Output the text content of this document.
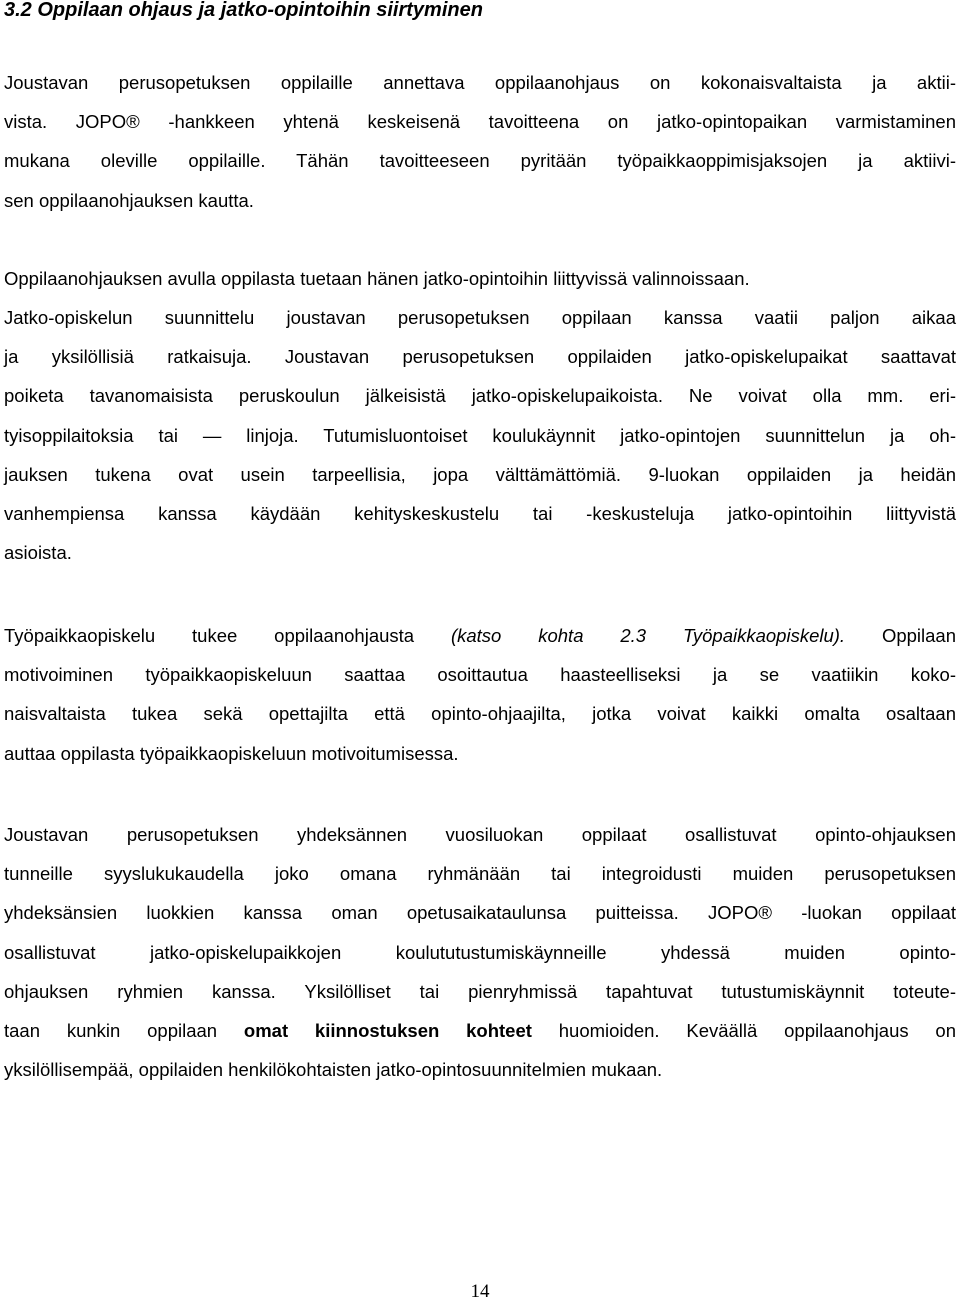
3.2 Oppilaan ohjaus ja jatko-opintoihin siirtyminen
Joustavan perusopetuksen oppilaille annettava oppilaanohjaus on kokonaisvaltaista ja aktii-
vista. JOPO® -hankkeen yhtenä keskeisenä tavoitteena on jatko-opintopaikan varmistaminen
mukana oleville oppilaille. Tähän tavoitteeseen pyritään työpaikkaoppimisjaksojen ja aktiivi-
sen oppilaanohjauksen kautta.
Oppilaanohjauksen avulla oppilasta tuetaan hänen jatko-opintoihin liittyvissä valinnoissaan.
Jatko-opiskelun suunnittelu joustavan perusopetuksen oppilaan kanssa vaatii paljon aikaa
ja yksilöllisiä ratkaisuja. Joustavan perusopetuksen oppilaiden jatko-opiskelupaikat saattavat
poiketa tavanomaisista peruskoulun jälkeisistä jatko-opiskelupaikoista. Ne voivat olla mm. eri-
tyisoppilaitoksia tai — linjoja. Tutumisluontoiset koulukäynnit jatko-opintojen suunnittelun ja oh-
jauksen tukena ovat usein tarpeellisia, jopa välttämättömiä. 9-luokan oppilaiden ja heidän
vanhempiensa kanssa käydään kehityskeskustelu tai -keskusteluja jatko-opintoihin liittyvistä
asioista.
Työpaikkaopiskelu tukee oppilaanohjausta (katso kohta 2.3 Työpaikkaopiskelu). Oppilaan
motivoiminen työpaikkaopiskeluun saattaa osoittautua haasteelliseksi ja se vaatiikin koko-
naisvaltaista tukea sekä opettajilta että opinto-ohjaajilta, jotka voivat kaikki omalta osaltaan
auttaa oppilasta työpaikkaopiskeluun motivoitumisessa.
Joustavan perusopetuksen yhdeksännen vuosiluokan oppilaat osallistuvat opinto-ohjauksen
tunneille syyslukukaudella joko omana ryhmänään tai integroidusti muiden perusopetuksen
yhdeksänsien luokkien kanssa oman opetusaikataulunsa puitteissa. JOPO® -luokan oppilaat
osallistuvat jatko-opiskelupaikkojen koulututustumiskäynneille yhdessä muiden opinto-
ohjauksen ryhmien kanssa. Yksilölliset tai pienryhmissä tapahtuvat tutustumiskäynnit toteute-
taan kunkin oppilaan omat kiinnostuksen kohteet huomioiden. Keväällä oppilaanohjaus on
yksilöllisempää, oppilaiden henkilökohtaisten jatko-opintosuunnitelmien mukaan.
14
